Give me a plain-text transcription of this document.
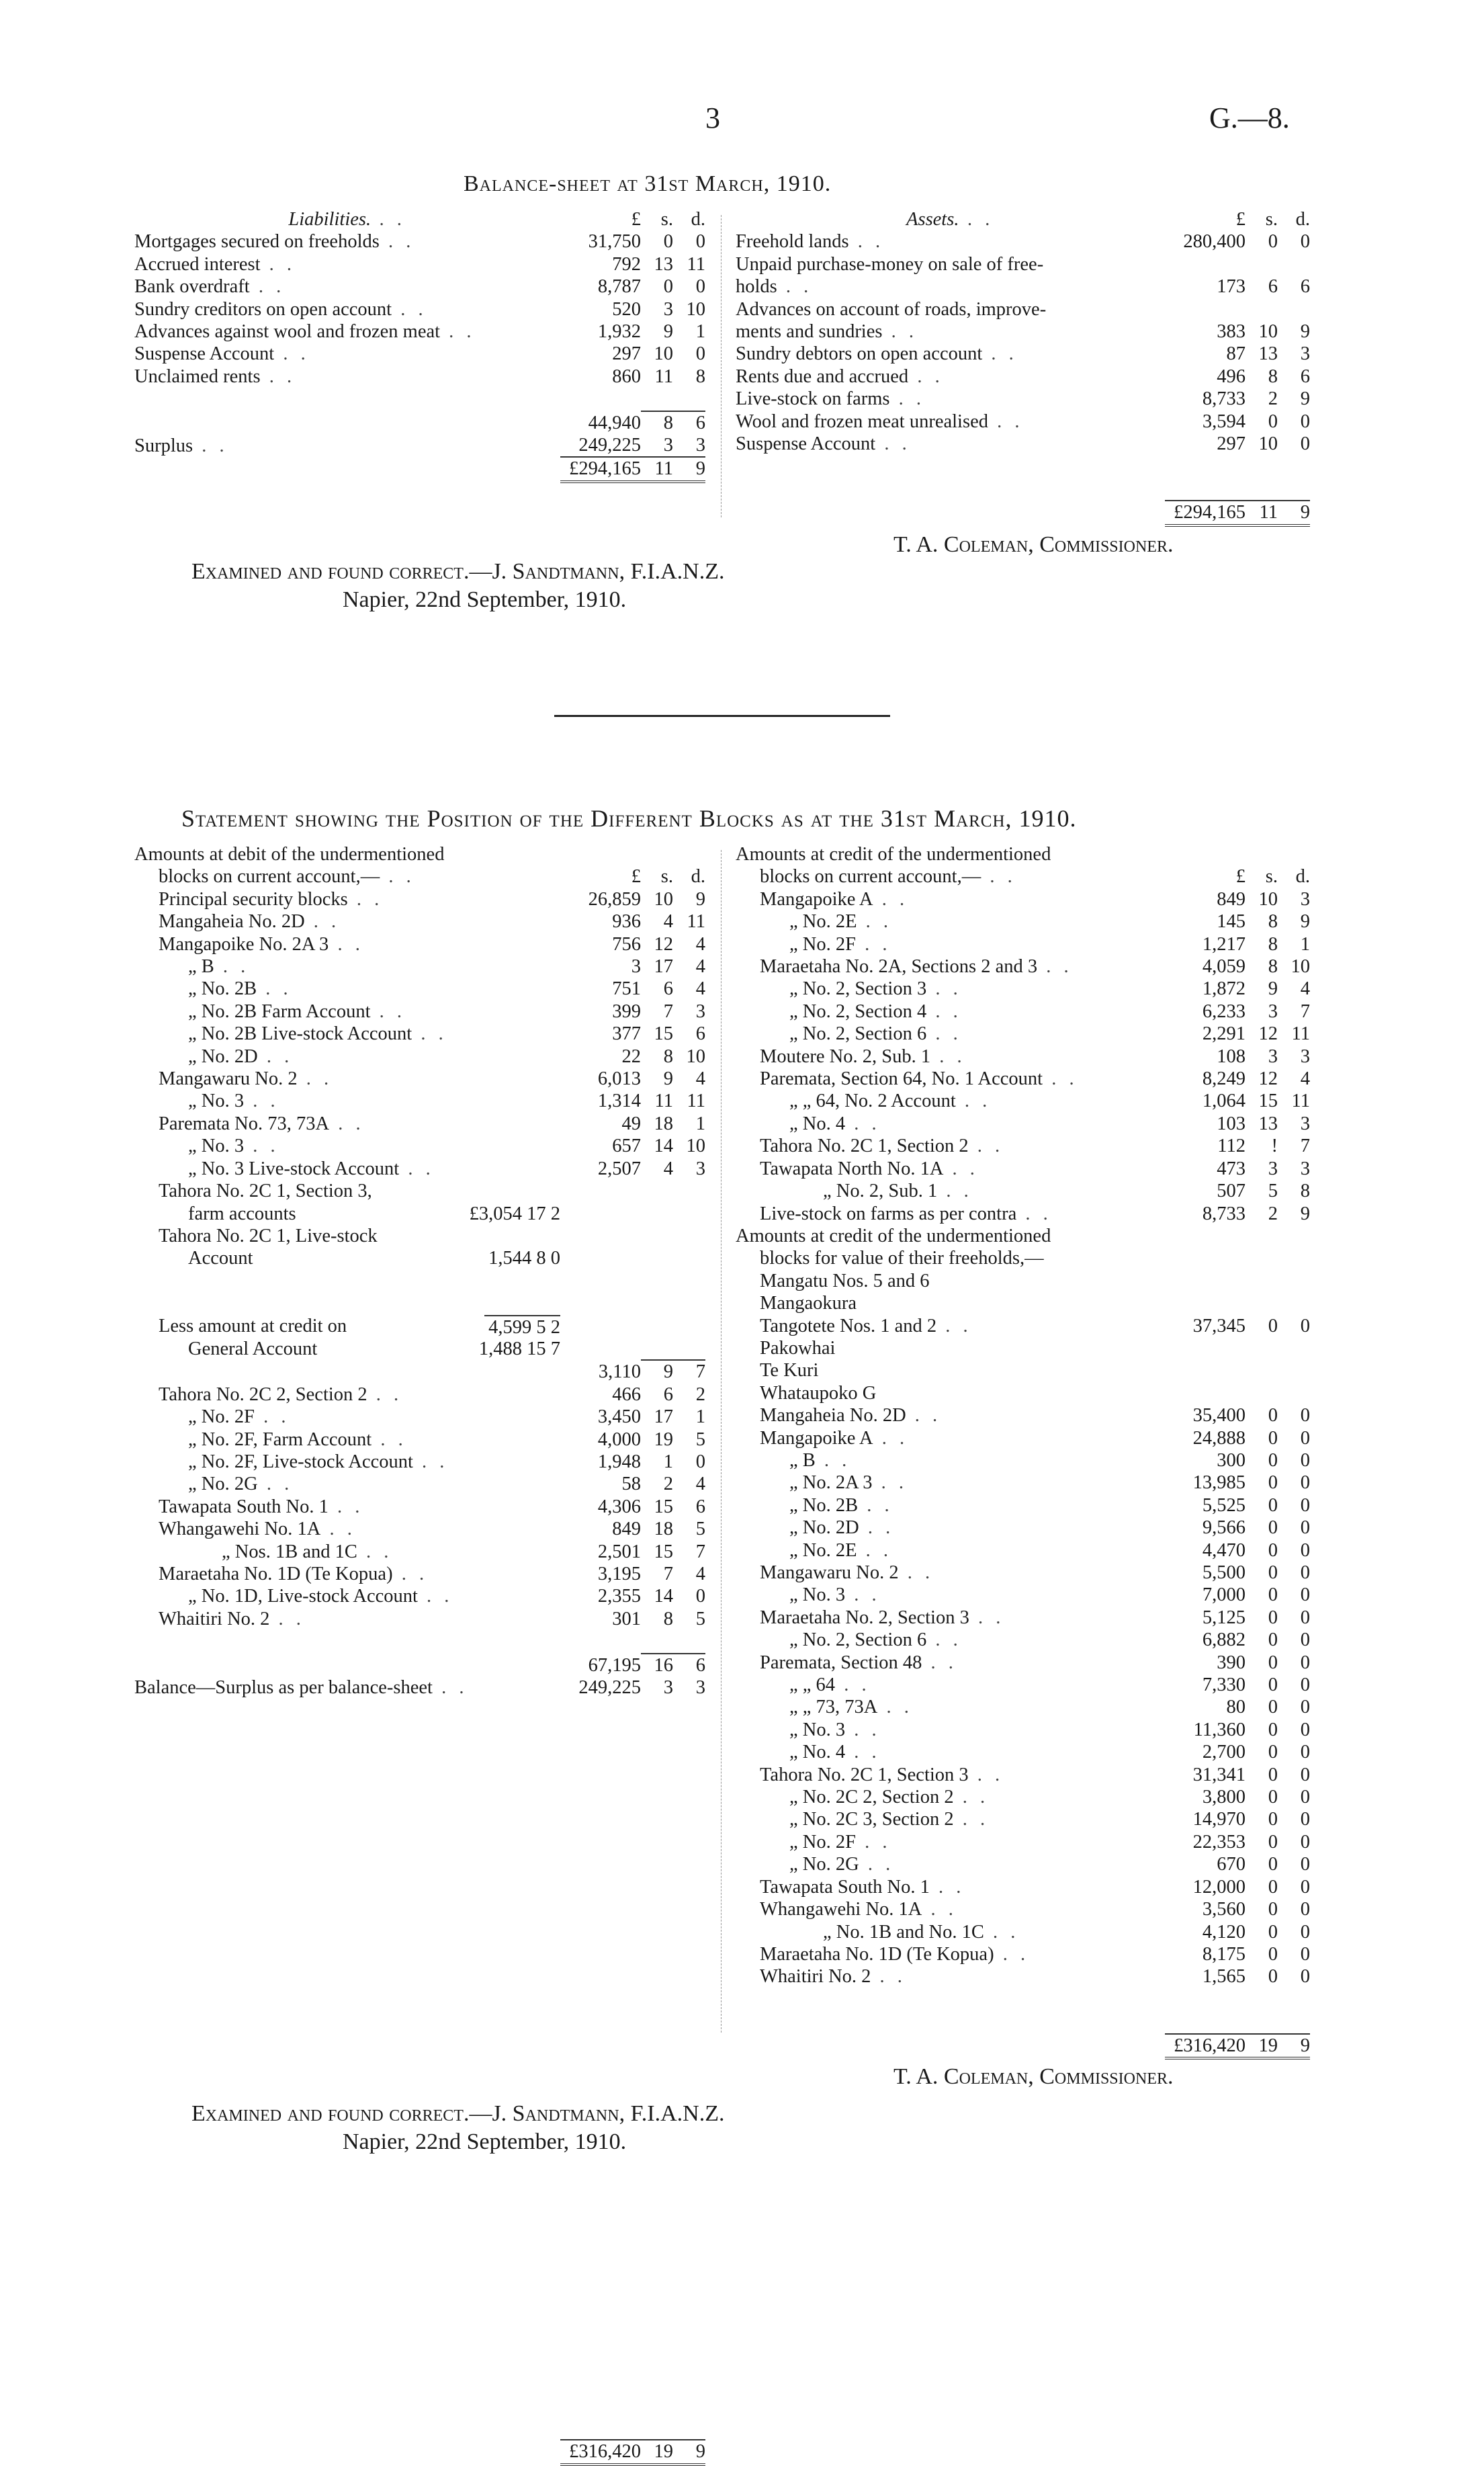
3	G.—8.
Balance-sheet at 31st March, 1910.
Liabilities. . .	£	s.	d.
Mortgages secured on freeholds . .	31,750	0	0
Accrued interest . .	792	13	11
Bank overdraft . .	8,787	0	0
Sundry creditors on open account . .	520	3	10
Advances against wool and frozen meat . .	1,932	9	1
Suspense Account . .	297	10	0
Unclaimed rents . .	860	11	8

	44,940	8	6
Surplus . .	249,225	3	3
	£294,165	11	9
Assets. . .	£	s.	d.
Freehold lands . .	280,400	0	0
Unpaid purchase-money on sale of free-			
holds . .	173	6	6
Advances on account of roads, improve-			
ments and sundries . .	383	10	9
Sundry debtors on open account . .	87	13	3
Rents due and accrued . .	496	8	6
Live-stock on farms . .	8,733	2	9
Wool and frozen meat unrealised . .	3,594	0	0
Suspense Account . .	297	10	0

	£294,165	11	9
T. A. Coleman, Commissioner.
Examined and found correct.—J. Sandtmann, F.I.A.N.Z.
Napier, 22nd September, 1910.
Statement showing the Position of the Different Blocks as at the 31st March, 1910.
Amounts at debit of the undermentioned			
blocks on current account,— . .	£	s.	d.
Principal security blocks . .	26,859	10	9
Mangaheia No. 2D . .	936	4	11
Mangapoike No. 2A 3 . .	756	12	4
„ B . .	3	17	4
„ No. 2B . .	751	6	4
„ No. 2B Farm Account . .	399	7	3
„ No. 2B Live-stock Account . .	377	15	6
„ No. 2D . .	22	8	10
Mangawaru No. 2 . .	6,013	9	4
„ No. 3 . .	1,314	11	11
Paremata No. 73, 73A . .	49	18	1
„ No. 3 . .	657	14	10
„ No. 3 Live-stock Account . .	2,507	4	3
Tahora No. 2C 1, Section 3,			
farm accounts £3,054 17 2			

Tahora No. 2C 1, Live-stock			
Account 1,544 8 0			

4,599 5 2			

Less amount at credit on			
General Account 1,488 15 7			

	3,110	9	7
Tahora No. 2C 2, Section 2 . .	466	6	2
„ No. 2F . .	3,450	17	1
„ No. 2F, Farm Account . .	4,000	19	5
„ No. 2F, Live-stock Account . .	1,948	1	0
„ No. 2G . .	58	2	4
Tawapata South No. 1 . .	4,306	15	6
Whangawehi No. 1A . .	849	18	5
„ Nos. 1B and 1C . .	2,501	15	7
Maraetaha No. 1D (Te Kopua) . .	3,195	7	4
„ No. 1D, Live-stock Account . .	2,355	14	0
Whaitiri No. 2 . .	301	8	5

	67,195	16	6
Balance—Surplus as per balance-sheet . .	249,225	3	3

	£316,420	19	9
Amounts at credit of the undermentioned			
blocks on current account,— . .	£	s.	d.
Mangapoike A . .	849	10	3
„ No. 2E . .	145	8	9
„ No. 2F . .	1,217	8	1
Maraetaha No. 2A, Sections 2 and 3 . .	4,059	8	10
„ No. 2, Section 3 . .	1,872	9	4
„ No. 2, Section 4 . .	6,233	3	7
„ No. 2, Section 6 . .	2,291	12	11
Moutere No. 2, Sub. 1 . .	108	3	3
Paremata, Section 64, No. 1 Account . .	8,249	12	4
„ „ 64, No. 2 Account . .	1,064	15	11
„ No. 4 . .	103	13	3
Tahora No. 2C 1, Section 2 . .	112	!	7
Tawapata North No. 1A . .	473	3	3
„ No. 2, Sub. 1 . .	507	5	8
Live-stock on farms as per contra . .	8,733	2	9
Amounts at credit of the undermentioned			
blocks for value of their freeholds,—			
Mangatu Nos. 5 and 6			
Mangaokura			
Tangotete Nos. 1 and 2 . .	37,345	0	0
Pakowhai			
Te Kuri			
Whataupoko G			
Mangaheia No. 2D . .	35,400	0	0
Mangapoike A . .	24,888	0	0
„ B . .	300	0	0
„ No. 2A 3 . .	13,985	0	0
„ No. 2B . .	5,525	0	0
„ No. 2D . .	9,566	0	0
„ No. 2E . .	4,470	0	0
Mangawaru No. 2 . .	5,500	0	0
„ No. 3 . .	7,000	0	0
Maraetaha No. 2, Section 3 . .	5,125	0	0
„ No. 2, Section 6 . .	6,882	0	0
Paremata, Section 48 . .	390	0	0
„ „ 64 . .	7,330	0	0
„ „ 73, 73A . .	80	0	0
„ No. 3 . .	11,360	0	0
„ No. 4 . .	2,700	0	0
Tahora No. 2C 1, Section 3 . .	31,341	0	0
„ No. 2C 2, Section 2 . .	3,800	0	0
„ No. 2C 3, Section 2 . .	14,970	0	0
„ No. 2F . .	22,353	0	0
„ No. 2G . .	670	0	0
Tawapata South No. 1 . .	12,000	0	0
Whangawehi No. 1A . .	3,560	0	0
„ No. 1B and No. 1C . .	4,120	0	0
Maraetaha No. 1D (Te Kopua) . .	8,175	0	0
Whaitiri No. 2 . .	1,565	0	0

	£316,420	19	9
T. A. Coleman, Commissioner.
Examined and found correct.—J. Sandtmann, F.I.A.N.Z.
Napier, 22nd September, 1910.
